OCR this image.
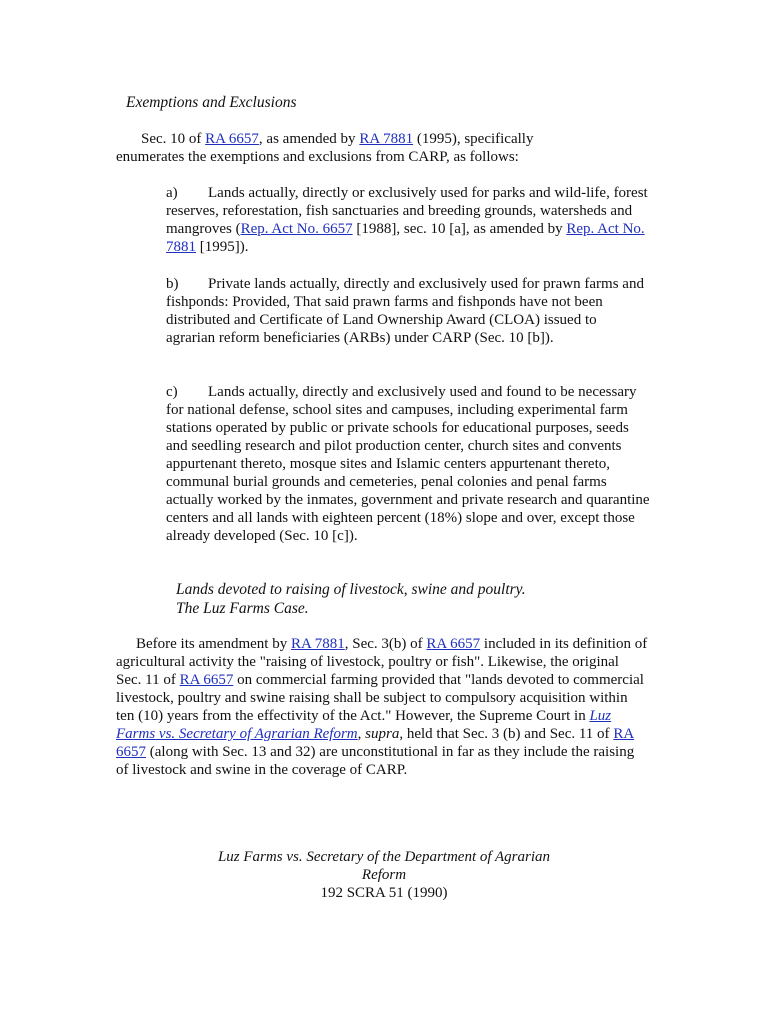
Exemptions and Exclusions

Sec. 10 of RA 6657, as amended by RA 7881 (1995), specifically enumerates the exemptions and exclusions from CARP, as follows:

a) Lands actually, directly or exclusively used for parks and wild-life, forest reserves, reforestation, fish sanctuaries and breeding grounds, watersheds and mangroves (Rep. Act No. 6657 [1988], sec. 10 [a], as amended by Rep. Act No. 7881 [1995]).

b) Private lands actually, directly and exclusively used for prawn farms and fishponds: Provided, That said prawn farms and fishponds have not been distributed and Certificate of Land Ownership Award (CLOA) issued to agrarian reform beneficiaries (ARBs) under CARP (Sec. 10 [b]).

c) Lands actually, directly and exclusively used and found to be necessary for national defense, school sites and campuses, including experimental farm stations operated by public or private schools for educational purposes, seeds and seedling research and pilot production center, church sites and convents appurtenant thereto, mosque sites and Islamic centers appurtenant thereto, communal burial grounds and cemeteries, penal colonies and penal farms actually worked by the inmates, government and private research and quarantine centers and all lands with eighteen percent (18%) slope and over, except those already developed (Sec. 10 [c]).

Lands devoted to raising of livestock, swine and poultry.

The Luz Farms Case.

Before its amendment by RA 7881, Sec. 3(b) of RA 6657 included in its definition of agricultural activity the "raising of livestock, poultry or fish". Likewise, the original Sec. 11 of RA 6657 on commercial farming provided that "lands devoted to commercial livestock, poultry and swine raising shall be subject to compulsory acquisition within ten (10) years from the effectivity of the Act." However, the Supreme Court in Luz Farms vs. Secretary of Agrarian Reform, supra, held that Sec. 3 (b) and Sec. 11 of RA 6657 (along with Sec. 13 and 32) are unconstitutional in far as they include the raising of livestock and swine in the coverage of CARP.

Luz Farms vs. Secretary of the Department of Agrarian

Reform

192 SCRA 51 (1990)
